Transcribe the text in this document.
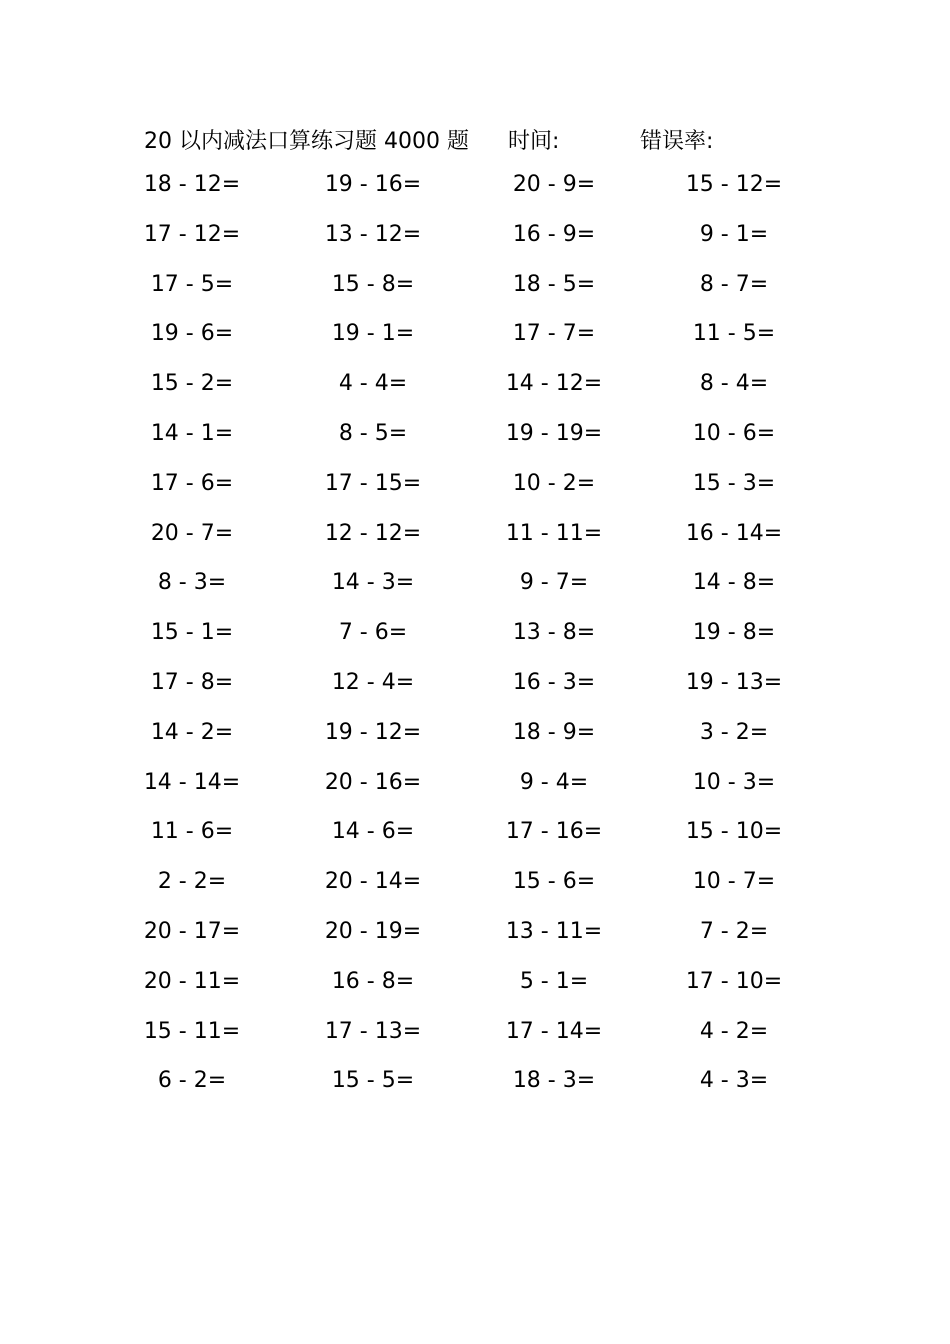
20 以内减法口算练习题 4000 题 时间:	错误率:
18 - 12=	19 - 16=	20 - 9=	15 - 12=
17 - 12=	13 - 12=	16 - 9=	9 - 1=
17 - 5=	15 - 8=	18 - 5=	8 - 7=
19 - 6=	19 - 1=	17 - 7=	11 - 5=
15 - 2=	4 - 4=	14 - 12=	8 - 4=
14 - 1=	8 - 5=	19 - 19=	10 - 6=
17 - 6=	17 - 15=	10 - 2=	15 - 3=
20 - 7=	12 - 12=	11 - 11=	16 - 14=
8 - 3=	14 - 3=	9 - 7=	14 - 8=
15 - 1=	7 - 6=	13 - 8=	19 - 8=
17 - 8=	12 - 4=	16 - 3=	19 - 13=
14 - 2=	19 - 12=	18 - 9=	3 - 2=
14 - 14=	20 - 16=	9 - 4=	10 - 3=
11 - 6=	14 - 6=	17 - 16=	15 - 10=
2 - 2=	20 - 14=	15 - 6=	10 - 7=
20 - 17=	20 - 19=	13 - 11=	7 - 2=
20 - 11=	16 - 8=	5 - 1=	17 - 10=
15 - 11=	17 - 13=	17 - 14=	4 - 2=
6 - 2=	15 - 5=	18 - 3=	4 - 3=
